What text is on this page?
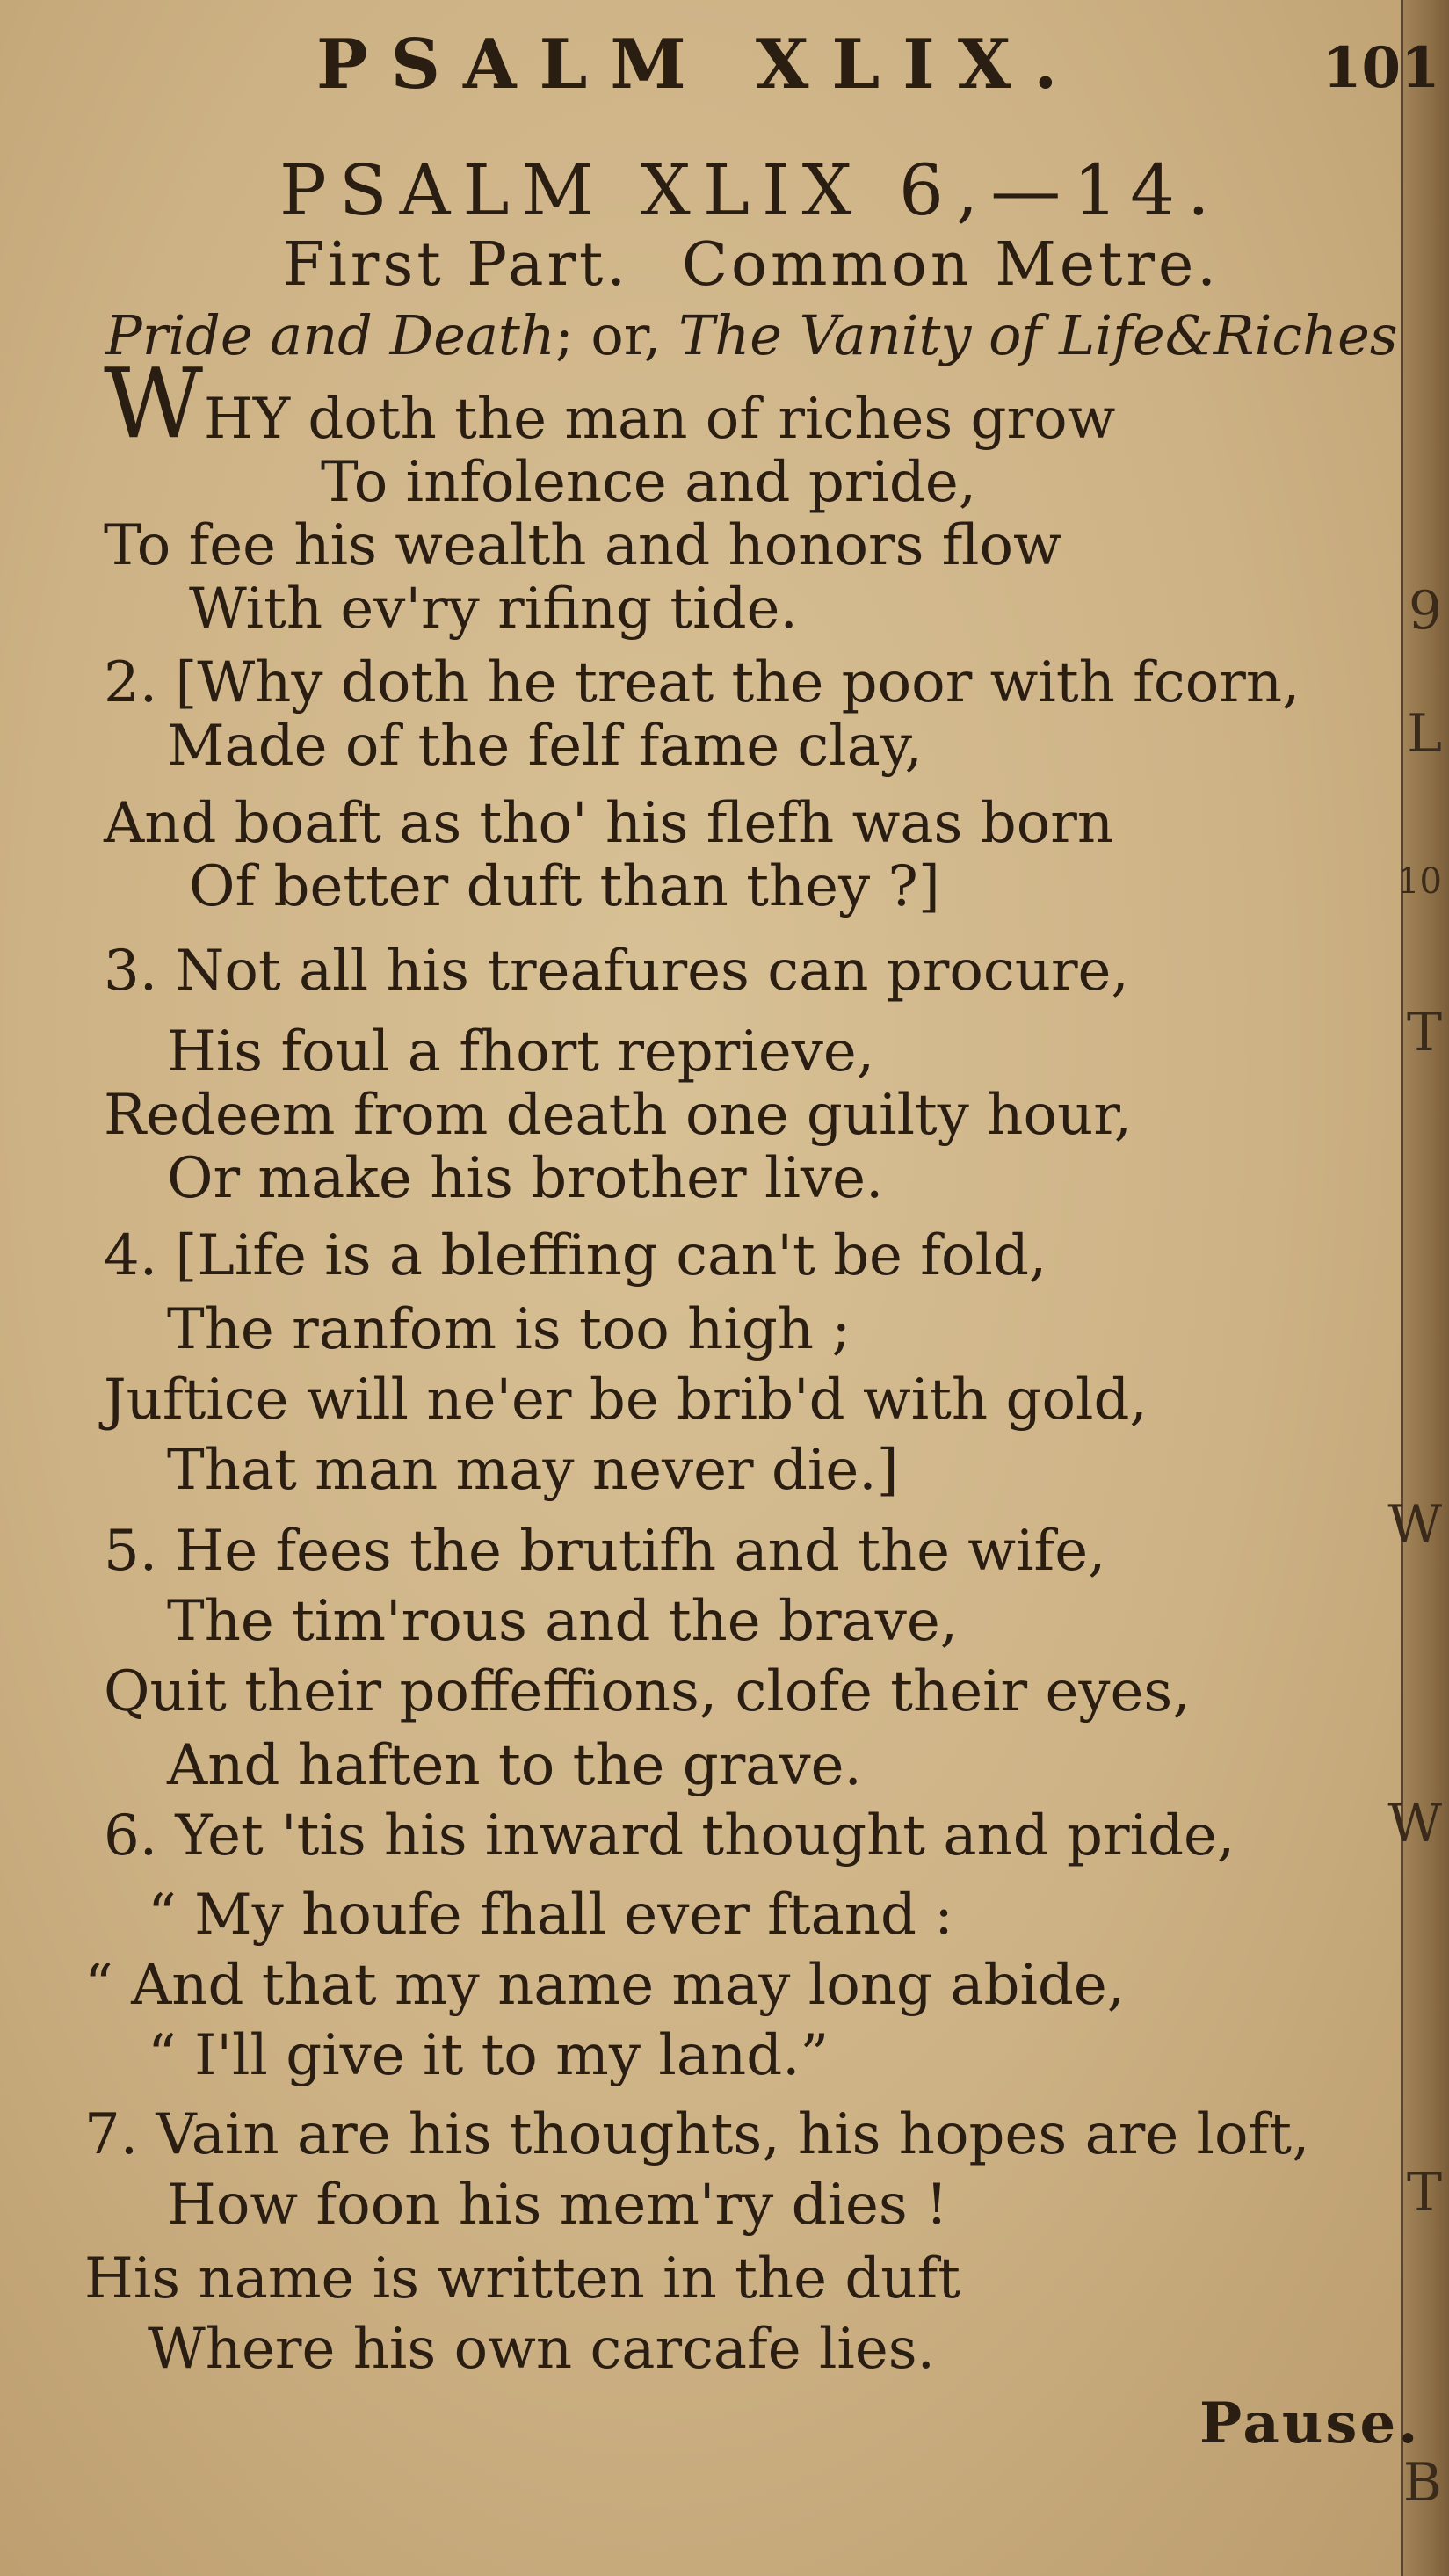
9
L
10
T
W
W
T
B
PSALM XLIX.	101
PSALM XLIX 6,—14.
First Part. Common Metre.
Pride and Death; or, The Vanity of Life&Riches
W HY doth the man of riches grow
To infolence and pride,
To fee his wealth and honors flow
With ev'ry rifing tide.
2. [Why doth he treat the poor with fcorn,
Made of the felf fame clay,
And boaft as tho' his flefh was born
Of better duft than they ?]
3. Not all his treafures can procure,
His foul a fhort reprieve,
Redeem from death one guilty hour,
Or make his brother live.
4. [Life is a bleffing can't be fold,
The ranfom is too high ;
Juftice will ne'er be brib'd with gold,
That man may never die.]
5. He fees the brutifh and the wife,
The tim'rous and the brave,
Quit their poffeffions, clofe their eyes,
And haften to the grave.
6. Yet 'tis his inward thought and pride,
“ My houfe fhall ever ftand :
“ And that my name may long abide,
“ I'll give it to my land.”
7. Vain are his thoughts, his hopes are loft,
How foon his mem'ry dies !
His name is written in the duft
Where his own carcafe lies.
Pause.
